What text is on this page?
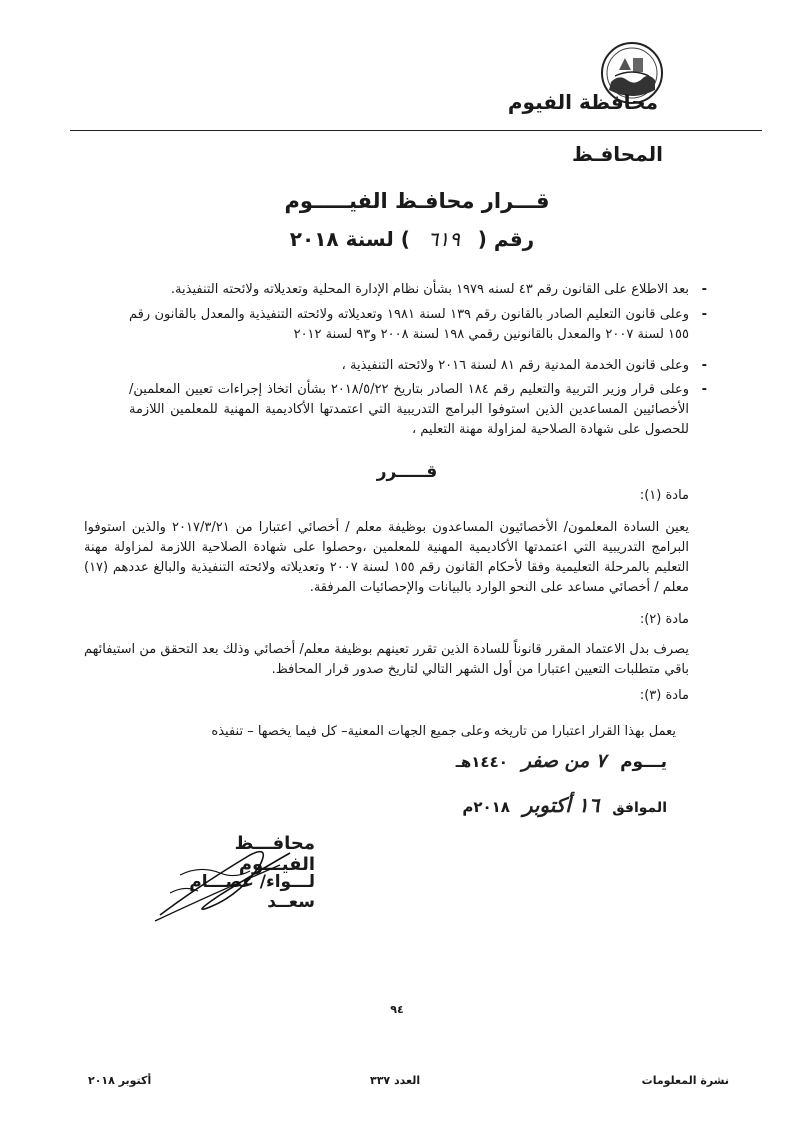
محافظة الفيوم
المحافـظ
قـــرار محافـظ الفيـــــوم
رقم ( ٦١٩ ) لسنة ٢٠١٨
- بعد الاطلاع على القانون رقم ٤٣ لسنه ١٩٧٩ بشأن نظام الإدارة المحلية وتعديلاته ولائحته التنفيذية.
- وعلى قانون التعليم الصادر بالقانون رقم ١٣٩ لسنة ١٩٨١ وتعديلاته ولائحته التنفيذية والمعدل بالقانون رقم ١٥٥ لسنة ٢٠٠٧ والمعدل بالقانونين رقمي ١٩٨ لسنة ٢٠٠٨ و٩٣ لسنة ٢٠١٢
- وعلى قانون الخدمة المدنية رقم ٨١ لسنة ٢٠١٦ ولائحته التنفيذية ،
- وعلى قرار وزير التربية والتعليم رقم ١٨٤ الصادر بتاريخ ٢٠١٨/٥/٢٢ بشأن اتخاذ إجراءات تعيين المعلمين/ الأخصائيين المساعدين الذين استوفوا البرامج التدريبية التي اعتمدتها الأكاديمية المهنية للمعلمين اللازمة للحصول على شهادة الصلاحية لمزاولة مهنة التعليم ،
قـــــرر
مادة (١):
يعين السادة المعلمون/ الأخصائيون المساعدون بوظيفة معلم / أخصائي اعتبارا من ٢٠١٧/٣/٢١ والذين استوفوا البرامج التدريبية التي اعتمدتها الأكاديمية المهنية للمعلمين ،وحصلوا على شهادة الصلاحية اللازمة لمزاولة مهنة التعليم بالمرحلة التعليمية وفقا لأحكام القانون رقم ١٥٥ لسنة ٢٠٠٧ وتعديلاته ولائحته التنفيذية والبالغ عددهم (١٧) معلم / أخصائي مساعد على النحو الوارد بالبيانات والإحصائيات المرفقة.
مادة (٢):
يصرف بدل الاعتماد المقرر قانوناً للسادة الذين تقرر تعينهم بوظيفة معلم/ أخصائي وذلك بعد التحقق من استيفائهم باقي متطلبات التعيين اعتبارا من أول الشهر التالي لتاريخ صدور قرار المحافظ.
مادة (٣):
يعمل بهذا القرار اعتبارا من تاريخه وعلى جميع الجهات المعنية– كل فيما يخصها – تنفيذه
يـــوم ٧ من صفر ١٤٤٠هـ
الموافق ١٦ أكتوبر ٢٠١٨م
محافـــظ الفيـــوم
لـــواء/ عصـــام سعــد
٩٤
نشرة المعلومات
العدد ٣٣٧
أكتوبر ٢٠١٨
